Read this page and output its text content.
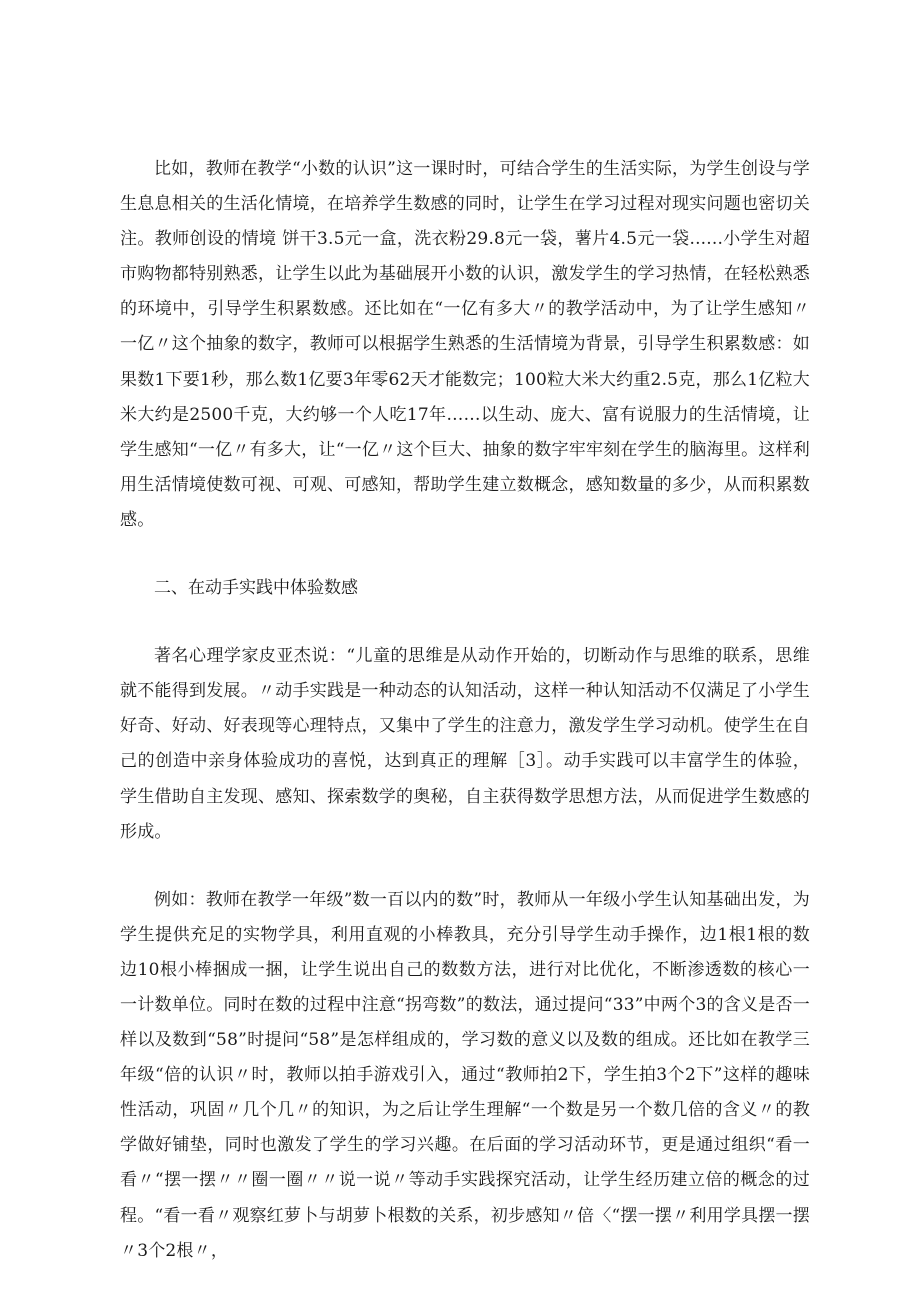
比如，教师在教学“小数的认识”这一课时时，可结合学生的生活实际，为学生创设与学生息息相关的生活化情境，在培养学生数感的同时，让学生在学习过程对现实问题也密切关注。教师创设的情境 饼干3.5元一盒，洗衣粉29.8元一袋，薯片4.5元一袋......小学生对超市购物都特别熟悉，让学生以此为基础展开小数的认识，激发学生的学习热情，在轻松熟悉的环境中，引导学生积累数感。还比如在“一亿有多大〃的教学活动中，为了让学生感知〃一亿〃这个抽象的数字，教师可以根据学生熟悉的生活情境为背景，引导学生积累数感：如果数1下要1秒，那么数1亿要3年零62天才能数完；100粒大米大约重2.5克，那么1亿粒大米大约是2500千克，大约够一个人吃17年……以生动、庞大、富有说服力的生活情境，让学生感知“一亿〃有多大，让“一亿〃这个巨大、抽象的数字牢牢刻在学生的脑海里。这样利用生活情境使数可视、可观、可感知，帮助学生建立数概念，感知数量的多少，从而积累数感。

二、在动手实践中体验数感

著名心理学家皮亚杰说：“儿童的思维是从动作开始的，切断动作与思维的联系，思维就不能得到发展。〃动手实践是一种动态的认知活动，这样一种认知活动不仅满足了小学生好奇、好动、好表现等心理特点，又集中了学生的注意力，激发学生学习动机。使学生在自己的创造中亲身体验成功的喜悦，达到真正的理解［3］。动手实践可以丰富学生的体验，学生借助自主发现、感知、探索数学的奥秘，自主获得数学思想方法，从而促进学生数感的形成。

例如：教师在教学一年级”数一百以内的数”时，教师从一年级小学生认知基础出发，为学生提供充足的实物学具，利用直观的小棒教具，充分引导学生动手操作，边1根1根的数边10根小棒捆成一捆，让学生说出自己的数数方法，进行对比优化，不断渗透数的核心一一计数单位。同时在数的过程中注意“拐弯数”的数法，通过提问“33”中两个3的含义是否一样以及数到“58”时提问“58”是怎样组成的，学习数的意义以及数的组成。还比如在教学三年级“倍的认识〃时，教师以拍手游戏引入，通过“教师拍2下，学生拍3个2下”这样的趣味性活动，巩固〃几个几〃的知识，为之后让学生理解“一个数是另一个数几倍的含义〃的教学做好铺垫，同时也激发了学生的学习兴趣。在后面的学习活动环节，更是通过组织“看一看〃“摆一摆〃〃圈一圈〃〃说一说〃等动手实践探究活动，让学生经历建立倍的概念的过程。“看一看〃观察红萝卜与胡萝卜根数的关系，初步感知〃倍〈“摆一摆〃利用学具摆一摆〃3个2根〃，
